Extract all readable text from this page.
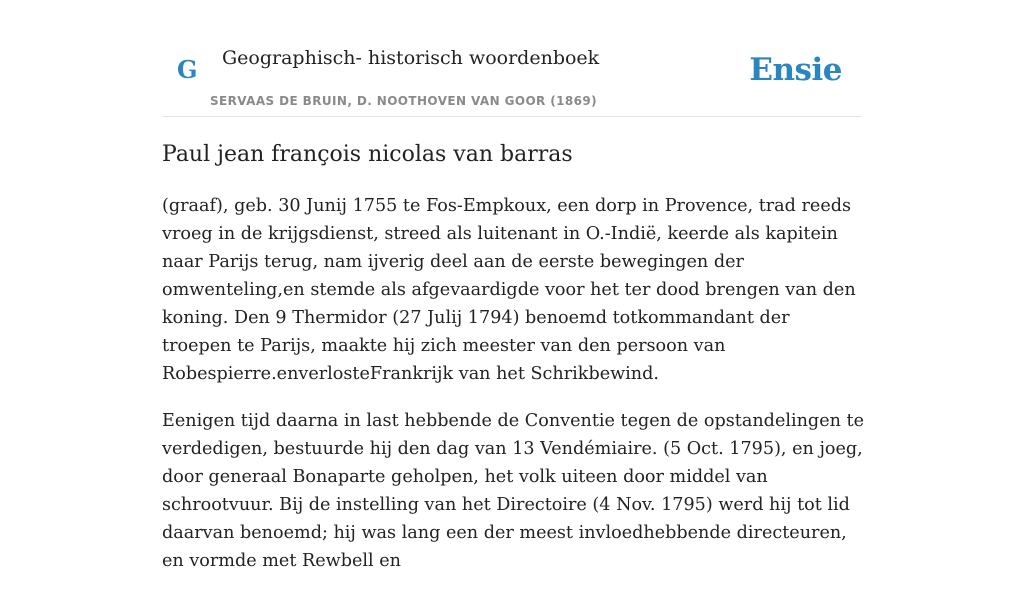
G Geographisch- historisch woordenboek
SERVAAS DE BRUIN, D. NOOTHOVEN VAN GOOR (1869)
Ensie
Paul jean françois nicolas van barras

(graaf), geb. 30 Junij 1755 te Fos-Empkoux, een dorp in Provence, trad reeds vroeg in de krijgsdienst, streed als luitenant in O.-Indië, keerde als kapitein naar Parijs terug, nam ijverig deel aan de eerste bewegingen der omwenteling,en stemde als afgevaardigde voor het ter dood brengen van den koning. Den 9 Thermidor (27 Julij 1794) benoemd totkommandant der troepen te Parijs, maakte hij zich meester van den persoon van Robespierre.enverlosteFrankrijk van het Schrikbewind.

Eenigen tijd daarna in last hebbende de Conventie tegen de opstandelingen te verdedigen, bestuurde hij den dag van 13 Vendémiaire. (5 Oct. 1795), en joeg, door generaal Bonaparte geholpen, het volk uiteen door middel van schrootvuur. Bij de instelling van het Directoire (4 Nov. 1795) werd hij tot lid daarvan benoemd; hij was lang een der meest invloedhebbende directeuren, en vormde met Rewbell en
